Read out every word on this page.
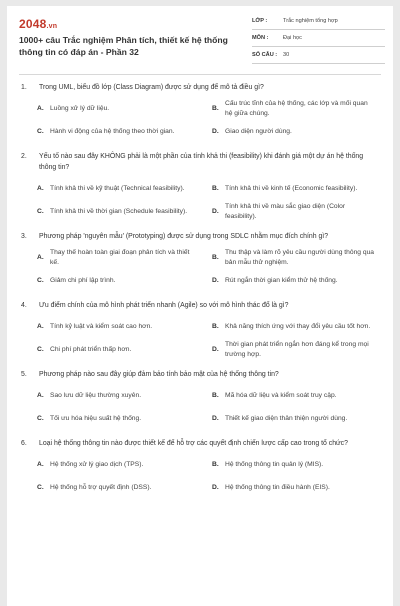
2048.vn
1000+ câu Trắc nghiệm Phân tích, thiết kế hệ thống thông tin có đáp án - Phần 32
LỚP :	Trắc nghiệm tổng hợp
MÔN :	Đại học
SỐ CÂU :	30
1.	Trong UML, biểu đồ lớp (Class Diagram) được sử dụng để mô tả điều gì?
A. Luồng xử lý dữ liệu.	B.
Cấu trúc tĩnh của hệ thống, các lớp và mối quan hệ giữa chúng.
C. Hành vi động của hệ thống theo thời gian.	D. Giao diện người dùng.
2.	Yếu tố nào sau đây KHÔNG phải là một phần của tính khả thi (feasibility) khi đánh giá một dự án hệ thống thông tin?
A. Tính khả thi về kỹ thuật (Technical feasibility).	B. Tính khả thi về kinh tế (Economic feasibility).
C. Tính khả thi về thời gian (Schedule feasibility).	D.
Tính khả thi về màu sắc giao diện (Color feasibility).
3.	Phương pháp 'nguyên mẫu' (Prototyping) được sử dụng trong SDLC nhằm mục đích chính gì?
A.
Thay thế hoàn toàn giai đoạn phân tích và thiết kế.
B.
Thu thập và làm rõ yêu cầu người dùng thông qua bản mẫu thử nghiệm.
C. Giảm chi phí lập trình.	D. Rút ngắn thời gian kiểm thử hệ thống.
4.	Ưu điểm chính của mô hình phát triển nhanh (Agile) so với mô hình thác đổ là gì?
A. Tính kỷ luật và kiểm soát cao hơn.	B. Khả năng thích ứng với thay đổi yêu cầu tốt hơn.
C. Chi phí phát triển thấp hơn.	D.
Thời gian phát triển ngắn hơn đáng kể trong mọi trường hợp.
5.	Phương pháp nào sau đây giúp đảm bảo tính bảo mật của hệ thống thông tin?
A. Sao lưu dữ liệu thường xuyên.	B. Mã hóa dữ liệu và kiểm soát truy cập.
C. Tối ưu hóa hiệu suất hệ thống.	D. Thiết kế giao diện thân thiện người dùng.
6.	Loại hệ thống thông tin nào được thiết kế để hỗ trợ các quyết định chiến lược cấp cao trong tổ chức?
A. Hệ thống xử lý giao dịch (TPS).	B. Hệ thống thông tin quản lý (MIS).
C. Hệ thống hỗ trợ quyết định (DSS).	D. Hệ thống thông tin điều hành (EIS).
